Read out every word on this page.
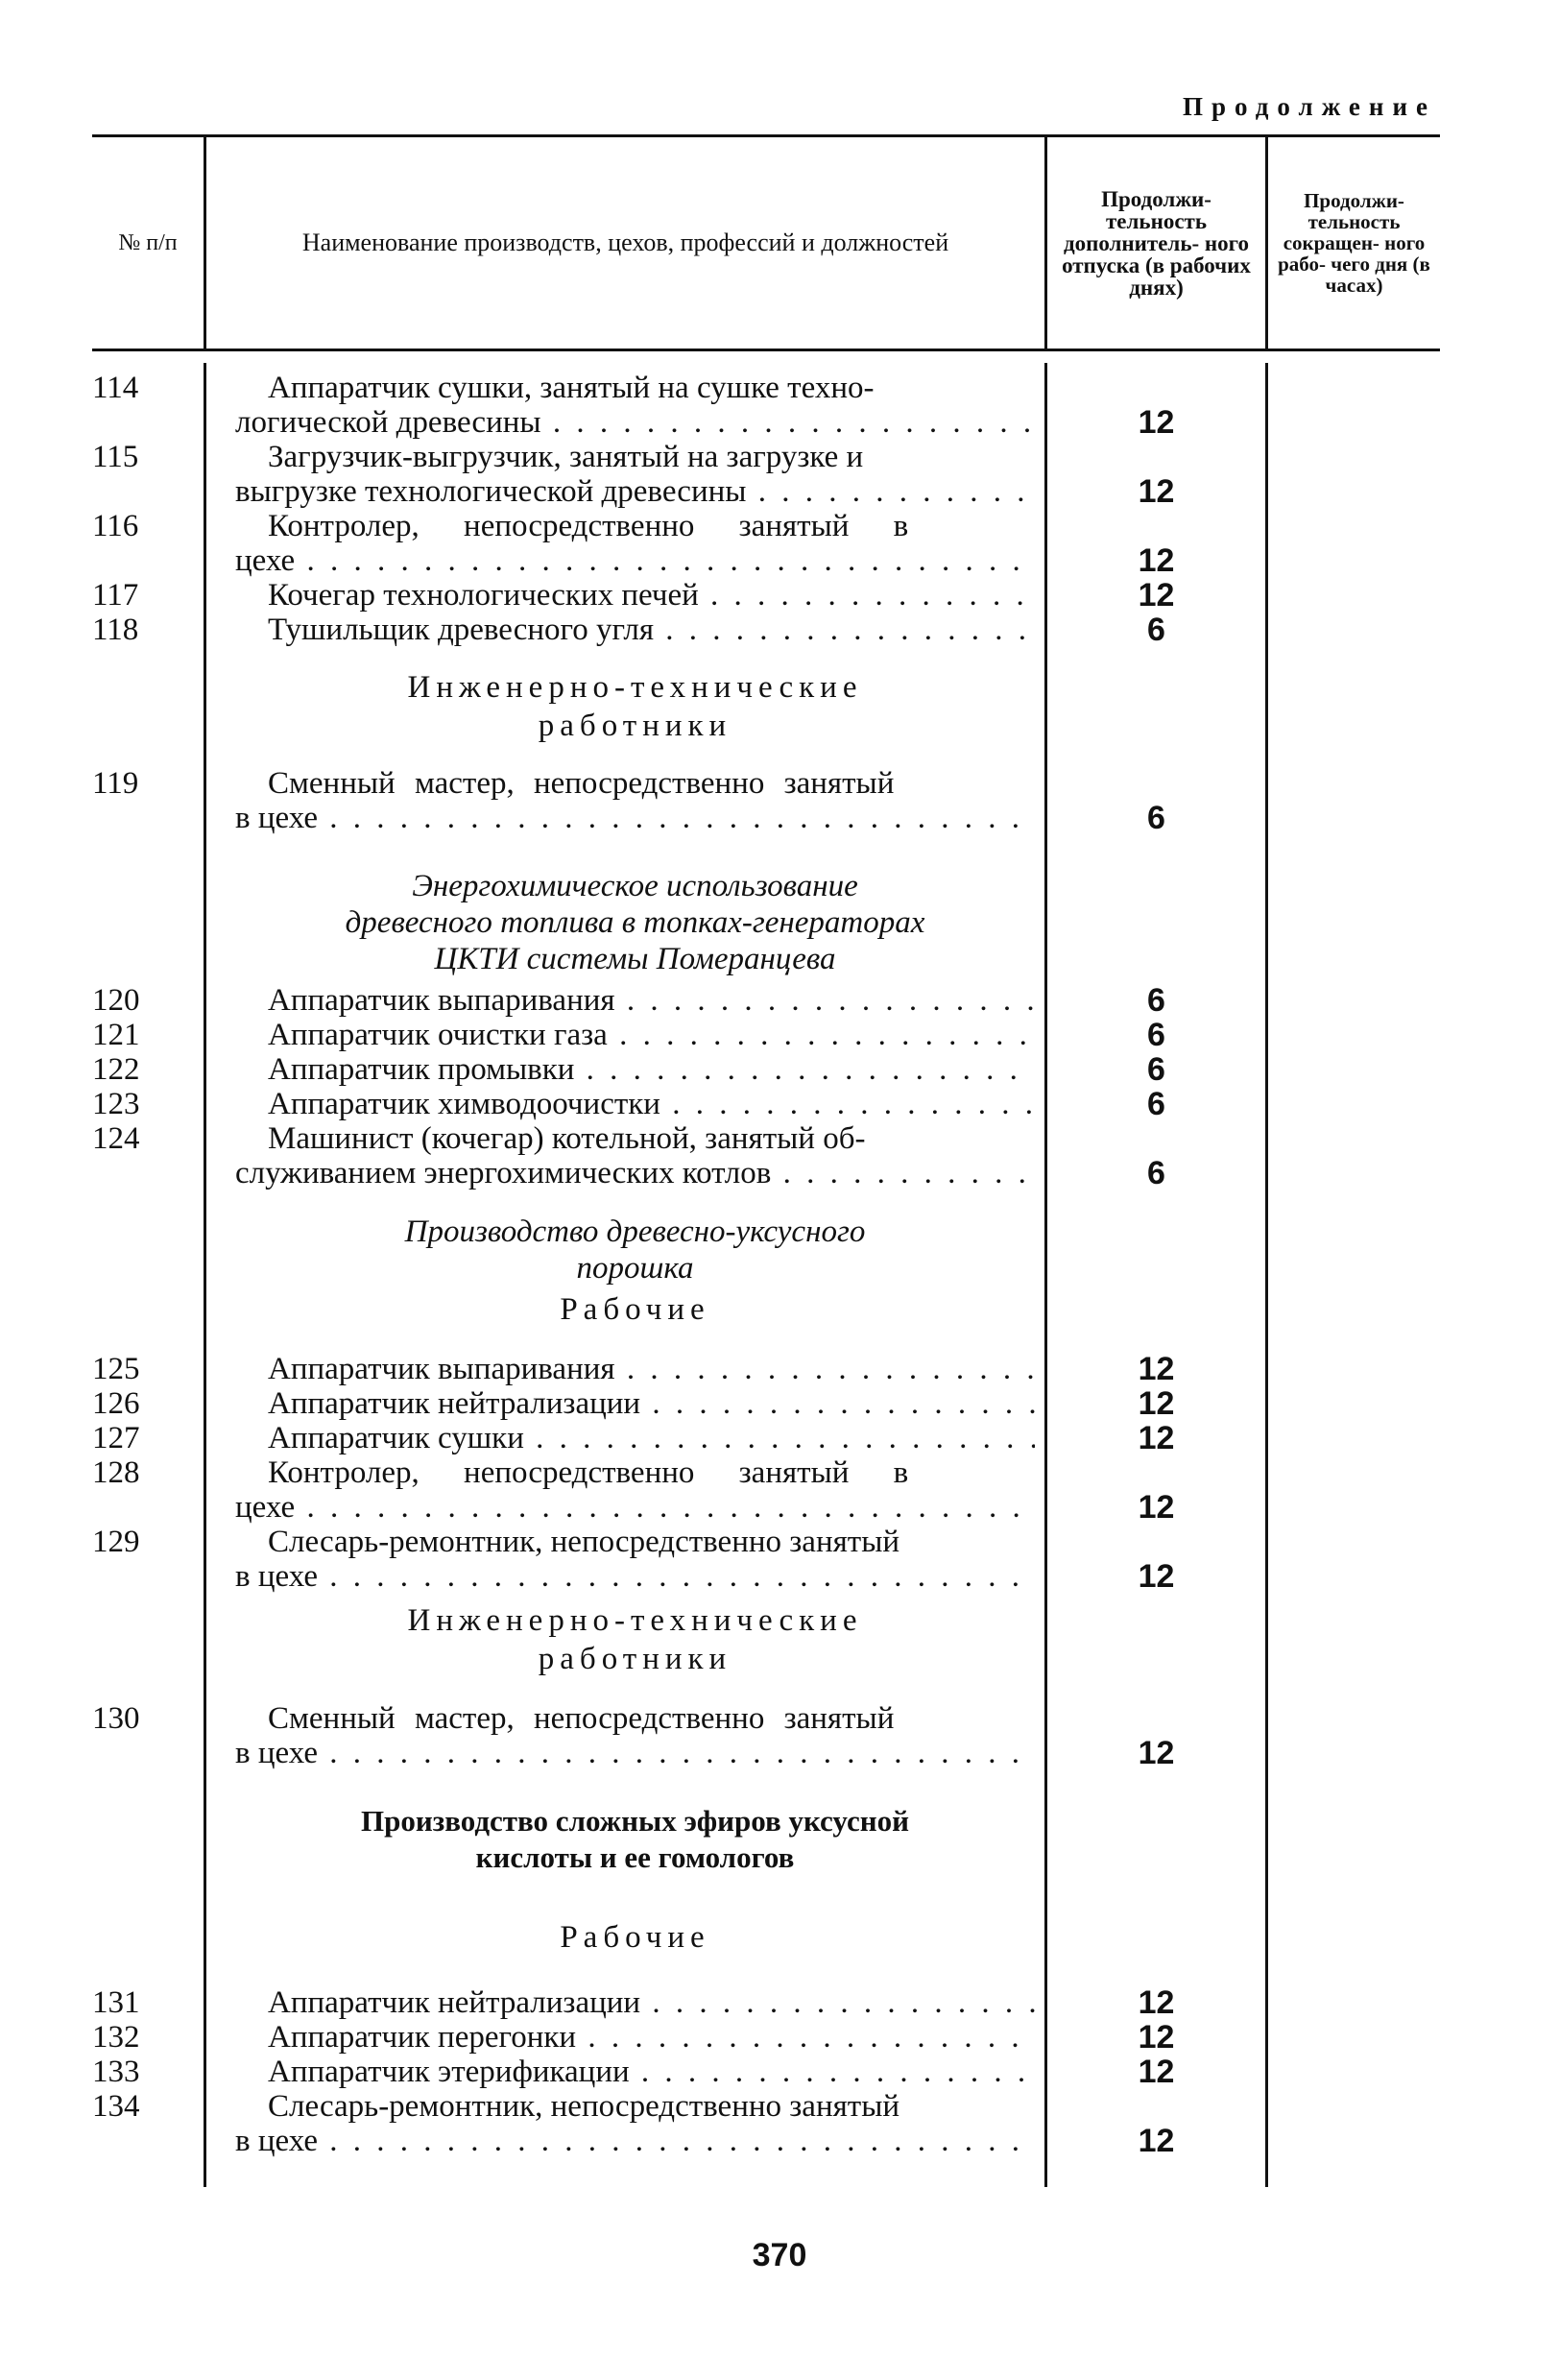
Продолжение
№ п/п	Наименование производств, цехов, профессий и должностей
Продолжи- тельность дополнитель- ного отпуска (в рабочих днях)
Продолжи- тельность сокращен- ного рабо- чего дня (в часах)
114
115
116
117
118
119
120
121
122
123
124
125
126
127
128
129
130
131
132
133
134
Аппаратчик сушки, занятый на сушке техно-
логической древесины . . .
Загрузчик-выгрузчик, занятый на загрузке и
выгрузке технологической древесины . . .
Контролер, непосредственно занятый в
цехе . . .
Кочегар технологических печей . . .
Тушильщик древесного угля . . .
Инженерно-технические
работники
Сменный мастер, непосредственно занятый
в цехе . . .
Энергохимическое использование
древесного топлива в топках-генераторах
ЦКТИ системы Померанцева
Аппаратчик выпаривания . . .
Аппаратчик очистки газа . . .
Аппаратчик промывки . . .
Аппаратчик химводоочистки . . .
Машинист (кочегар) котельной, занятый об-
служиванием энергохимических котлов . . .
Производство древесно-уксусного
порошка
Рабочие
Аппаратчик выпаривания . . .
Аппаратчик нейтрализации . . .
Аппаратчик сушки . . .
Контролер, непосредственно занятый в
цехе . . .
Слесарь-ремонтник, непосредственно занятый
в цехе . . .
Инженерно-технические
работники
Сменный мастер, непосредственно занятый
в цехе . . .
Производство сложных эфиров уксусной
кислоты и ее гомологов
Рабочие
Аппаратчик нейтрализации . . .
Аппаратчик перегонки . . .
Аппаратчик этерификации . . .
Слесарь-ремонтник, непосредственно занятый
в цехе . . .
12
12
12
12
6
6
6
6
6
6
6
12
12
12
12
12
12
12
12
12
12
370
